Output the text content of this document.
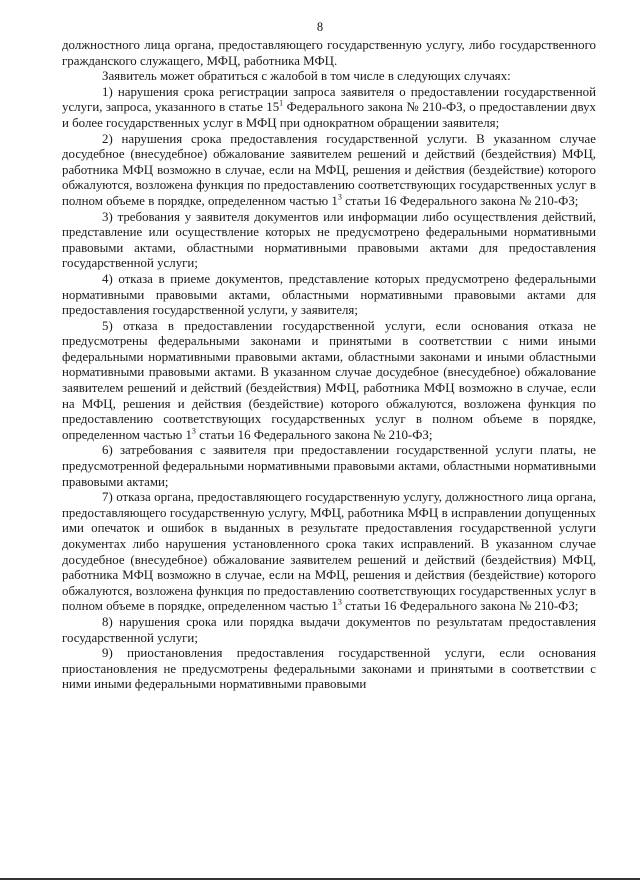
8

должностного лица органа, предоставляющего государственную услугу, либо государственного гражданского служащего, МФЦ, работника МФЦ.

Заявитель может обратиться с жалобой в том числе в следующих случаях:

1) нарушения срока регистрации запроса заявителя о предоставлении государственной услуги, запроса, указанного в статье $15^1$ Федерального закона № 210-ФЗ, о предоставлении двух и более государственных услуг в МФЦ при однократном обращении заявителя;

2) нарушения срока предоставления государственной услуги. В указанном случае досудебное (внесудебное) обжалование заявителем решений и действий (бездействия) МФЦ, работника МФЦ возможно в случае, если на МФЦ, решения и действия (бездействие) которого обжалуются, возложена функция по предоставлению соответствующих государственных услуг в полном объеме в порядке, определенном частью $1^3$ статьи 16 Федерального закона № 210-ФЗ;

3) требования у заявителя документов или информации либо осуществления действий, представление или осуществление которых не предусмотрено федеральными нормативными правовыми актами, областными нормативными правовыми актами для предоставления государственной услуги;

4) отказа в приеме документов, представление которых предусмотрено федеральными нормативными правовыми актами, областными нормативными правовыми актами для предоставления государственной услуги, у заявителя;

5) отказа в предоставлении государственной услуги, если основания отказа не предусмотрены федеральными законами и принятыми в соответствии с ними иными федеральными нормативными правовыми актами, областными законами и иными областными нормативными правовыми актами. В указанном случае досудебное (внесудебное) обжалование заявителем решений и действий (бездействия) МФЦ, работника МФЦ возможно в случае, если на МФЦ, решения и действия (бездействие) которого обжалуются, возложена функция по предоставлению соответствующих государственных услуг в полном объеме в порядке, определенном частью $1^3$ статьи 16 Федерального закона № 210-ФЗ;

6) затребования с заявителя при предоставлении государственной услуги платы, не предусмотренной федеральными нормативными правовыми актами, областными нормативными правовыми актами;

7) отказа органа, предоставляющего государственную услугу, должностного лица органа, предоставляющего государственную услугу, МФЦ, работника МФЦ в исправлении допущенных ими опечаток и ошибок в выданных в результате предоставления государственной услуги документах либо нарушения установленного срока таких исправлений. В указанном случае досудебное (внесудебное) обжалование заявителем решений и действий (бездействия) МФЦ, работника МФЦ возможно в случае, если на МФЦ, решения и действия (бездействие) которого обжалуются, возложена функция по предоставлению соответствующих государственных услуг в полном объеме в порядке, определенном частью $1^3$ статьи 16 Федерального закона № 210-ФЗ;

8) нарушения срока или порядка выдачи документов по результатам предоставления государственной услуги;

9) приостановления предоставления государственной услуги, если основания приостановления не предусмотрены федеральными законами и принятыми в соответствии с ними иными федеральными нормативными правовыми
